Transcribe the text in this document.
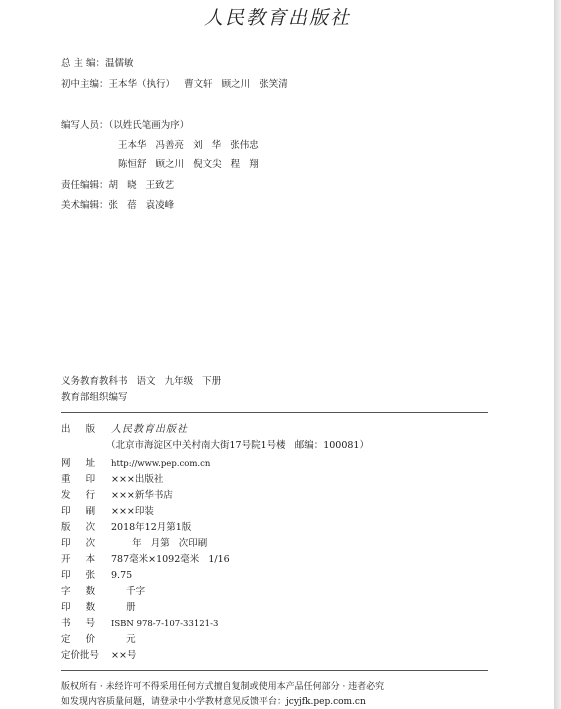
人民教育出版社
总 主 编：温儒敏
初中主编：王本华（执行）   曹文轩   顾之川   张笑清
编写人员：（以姓氏笔画为序）
王本华   冯善亮   刘   华   张伟忠
陈恒舒   顾之川   倪文尖   程   翔
责任编辑：胡   晓   王致艺
美术编辑：张   蓓   袁凌峰
义务教育教科书   语文   九年级   下册
教育部组织编写
出     版 人民教育出版社
（北京市海淀区中关村南大街17号院1号楼   邮编：100081）
网     址 http://www.pep.com.cn
重     印 ×××出版社
发     行 ×××新华书店
印     刷 ×××印装
版     次 2018年12月第1版
印     次       年   月第   次印刷
开     本 787毫米×1092毫米   1/16
印     张 9.75
字     数     千字
印     数     册
书     号 ISBN 978-7-107-33121-3
定     价     元
定价批号 ××号
版权所有 · 未经许可不得采用任何方式擅自复制或使用本产品任何部分 · 违者必究
如发现内容质量问题，请登录中小学教材意见反馈平台：jcyjfk.pep.com.cn
